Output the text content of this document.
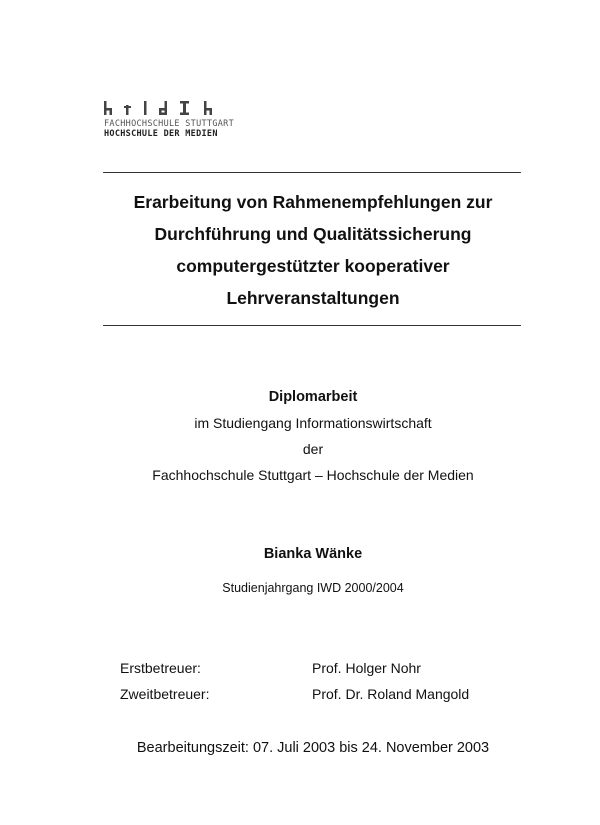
FACHHOCHSCHULE STUTTGART
HOCHSCHULE DER MEDIEN
Erarbeitung von Rahmenempfehlungen zur
Durchführung und Qualitätssicherung
computergestützter kooperativer
Lehrveranstaltungen
Diplomarbeit
im Studiengang Informationswirtschaft
der
Fachhochschule Stuttgart – Hochschule der Medien
Bianka Wänke
Studienjahrgang IWD 2000/2004
Erstbetreuer:	Prof. Holger Nohr
Zweitbetreuer:	Prof. Dr. Roland Mangold
Bearbeitungszeit: 07. Juli 2003 bis 24. November 2003
